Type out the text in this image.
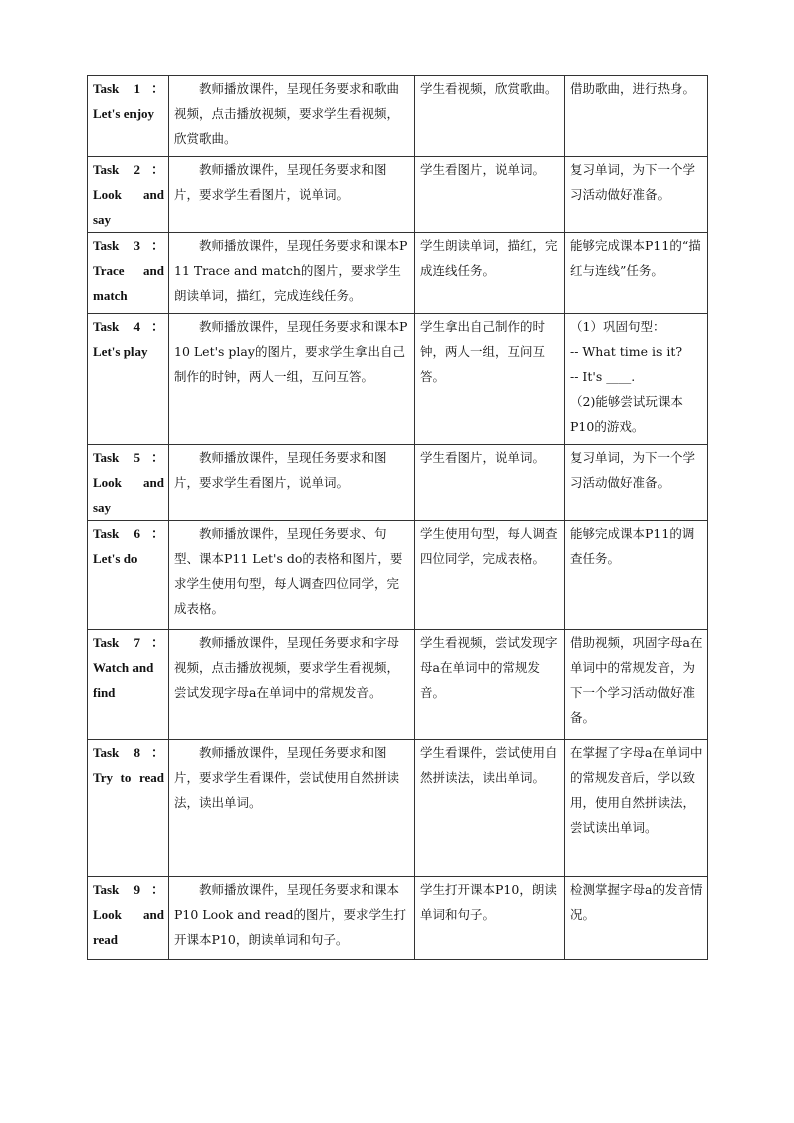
Task 1：
Let's enjoy	教师播放课件，呈现任务要求和歌曲视频，点击播放视频，要求学生看视频，欣赏歌曲。	学生看视频，欣赏歌曲。	借助歌曲，进行热身。

Task 2：
Look and say	教师播放课件，呈现任务要求和图片，要求学生看图片，说单词。	学生看图片，说单词。	复习单词，为下一个学习活动做好准备。

Task 3：
Trace and match	教师播放课件，呈现任务要求和课本P 11 Trace and match的图片，要求学生朗读单词，描红，完成连线任务。	学生朗读单词，描红，完成连线任务。	能够完成课本P11的“描红与连线”任务。

Task 4：
Let's play	教师播放课件，呈现任务要求和课本P 10 Let's play的图片，要求学生拿出自己制作的时钟，两人一组，互问互答。	学生拿出自己制作的时钟，两人一组，互问互答。	（1）巩固句型：
-- What time is it?
-- It's ____.
（2)能够尝试玩课本P10的游戏。

Task 5：
Look and say	教师播放课件，呈现任务要求和图片，要求学生看图片，说单词。	学生看图片，说单词。	复习单词，为下一个学习活动做好准备。

Task 6：
Let's do	教师播放课件，呈现任务要求、句型、课本P11 Let's do的表格和图片，要求学生使用句型，每人调查四位同学，完成表格。	学生使用句型，每人调查四位同学，完成表格。	能够完成课本P11的调查任务。

Task 7：
Watch and find	教师播放课件，呈现任务要求和字母视频，点击播放视频，要求学生看视频，尝试发现字母a在单词中的常规发音。	学生看视频，尝试发现字母a在单词中的常规发音。	借助视频，巩固字母a在单词中的常规发音，为下一个学习活动做好准备。

Task 8：
Try to read	教师播放课件，呈现任务要求和图片，要求学生看课件，尝试使用自然拼读法，读出单词。	学生看课件，尝试使用自然拼读法，读出单词。	在掌握了字母a在单词中的常规发音后，学以致用，使用自然拼读法，尝试读出单词。

Task 9：
Look and read	教师播放课件，呈现任务要求和课本P10 Look and read的图片，要求学生打开课本P10，朗读单词和句子。	学生打开课本P10，朗读单词和句子。	检测掌握字母a的发音情况。
